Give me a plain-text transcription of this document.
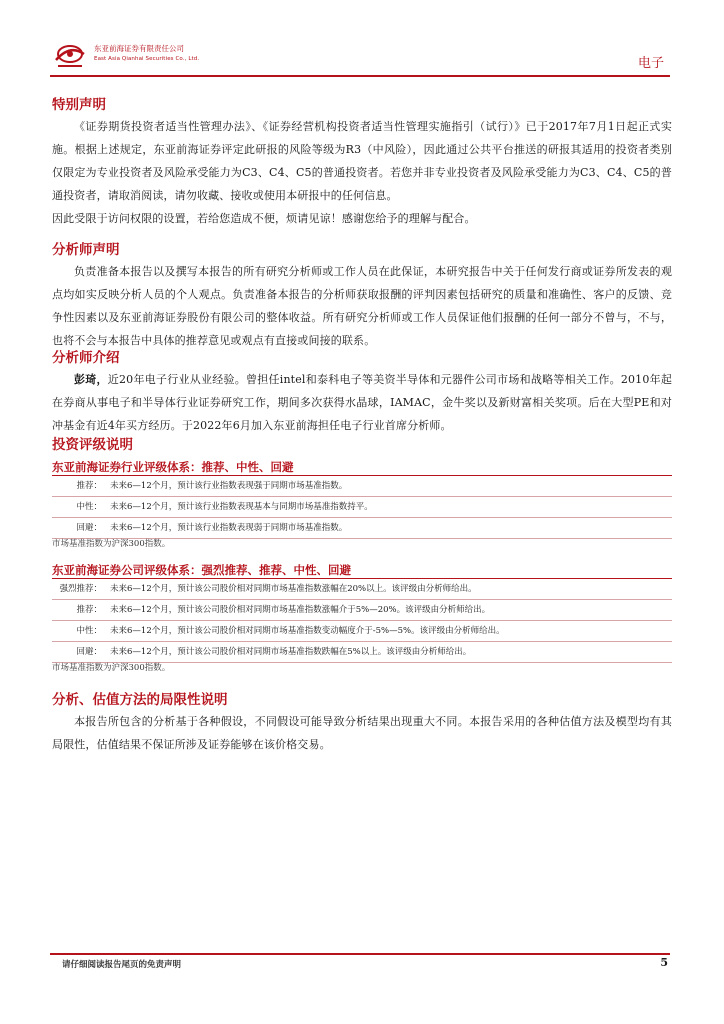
东亚前海证券有限责任公司
East Asia Qianhai Securities Co., Ltd.	电子
特别声明
《证券期货投资者适当性管理办法》、《证券经营机构投资者适当性管理实施指引（试行）》已于2017年7月1日起正式实施。根据上述规定，东亚前海证券评定此研报的风险等级为R3（中风险），因此通过公共平台推送的研报其适用的投资者类别仅限定为专业投资者及风险承受能力为C3、C4、C5的普通投资者。若您并非专业投资者及风险承受能力为C3、C4、C5的普通投资者，请取消阅读，请勿收藏、接收或使用本研报中的任何信息。
因此受限于访问权限的设置，若给您造成不便，烦请见谅！感谢您给予的理解与配合。
分析师声明
负责准备本报告以及撰写本报告的所有研究分析师或工作人员在此保证，本研究报告中关于任何发行商或证券所发表的观点均如实反映分析人员的个人观点。负责准备本报告的分析师获取报酬的评判因素包括研究的质量和准确性、客户的反馈、竞争性因素以及东亚前海证券股份有限公司的整体收益。所有研究分析师或工作人员保证他们报酬的任何一部分不曾与，不与，也将不会与本报告中具体的推荐意见或观点有直接或间接的联系。
分析师介绍
彭琦，近20年电子行业从业经验。曾担任intel和泰科电子等美资半导体和元器件公司市场和战略等相关工作。2010年起在券商从事电子和半导体行业证券研究工作，期间多次获得水晶球，IAMAC，金牛奖以及新财富相关奖项。后在大型PE和对冲基金有近4年买方经历。于2022年6月加入东亚前海担任电子行业首席分析师。
投资评级说明
东亚前海证券行业评级体系：推荐、中性、回避
推荐： 未来6—12个月，预计该行业指数表现强于同期市场基准指数。
中性： 未来6—12个月，预计该行业指数表现基本与同期市场基准指数持平。
回避： 未来6—12个月，预计该行业指数表现弱于同期市场基准指数。
市场基准指数为沪深300指数。
东亚前海证券公司评级体系：强烈推荐、推荐、中性、回避
强烈推荐： 未来6—12个月，预计该公司股价相对同期市场基准指数涨幅在20%以上。该评级由分析师给出。
推荐： 未来6—12个月，预计该公司股价相对同期市场基准指数涨幅介于5%—20%。该评级由分析师给出。
中性： 未来6—12个月，预计该公司股价相对同期市场基准指数变动幅度介于-5%—5%。该评级由分析师给出。
回避： 未来6—12个月，预计该公司股价相对同期市场基准指数跌幅在5%以上。该评级由分析师给出。
市场基准指数为沪深300指数。
分析、估值方法的局限性说明
本报告所包含的分析基于各种假设，不同假设可能导致分析结果出现重大不同。本报告采用的各种估值方法及模型均有其局限性，估值结果不保证所涉及证券能够在该价格交易。
请仔细阅读报告尾页的免责声明	5
